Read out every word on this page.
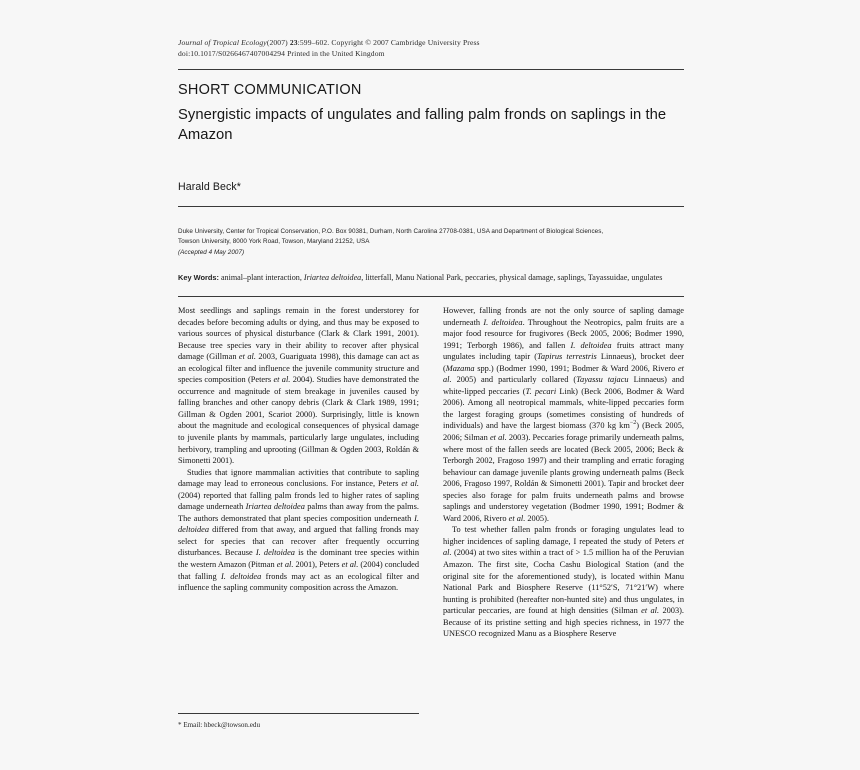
Journal of Tropical Ecology(2007) 23:599–602. Copyright © 2007 Cambridge University Press
doi:10.1017/S0266467407004294 Printed in the United Kingdom
SHORT COMMUNICATION
Synergistic impacts of ungulates and falling palm fronds on saplings in the Amazon
Harald Beck*
Duke University, Center for Tropical Conservation, P.O. Box 90381, Durham, North Carolina 27708-0381, USA and Department of Biological Sciences,
Towson University, 8000 York Road, Towson, Maryland 21252, USA
(Accepted 4 May 2007)
Key Words: animal–plant interaction, Iriartea deltoidea, litterfall, Manu National Park, peccaries, physical damage, saplings, Tayassuidae, ungulates

Most seedlings and saplings remain in the forest understorey for decades before becoming adults or dying, and thus may be exposed to various sources of physical disturbance (Clark & Clark 1991, 2001). Because tree species vary in their ability to recover after physical damage (Gillman et al. 2003, Guariguata 1998), this damage can act as an ecological filter and influence the juvenile community structure and species composition (Peters et al. 2004). Studies have demonstrated the occurrence and magnitude of stem breakage in juveniles caused by falling branches and other canopy debris (Clark & Clark 1989, 1991; Gillman & Ogden 2001, Scariot 2000). Surprisingly, little is known about the magnitude and ecological consequences of physical damage to juvenile plants by mammals, particularly large ungulates, including herbivory, trampling and uprooting (Gillman & Ogden 2003, Roldán & Simonetti 2001).

Studies that ignore mammalian activities that contribute to sapling damage may lead to erroneous conclusions. For instance, Peters et al. (2004) reported that falling palm fronds led to higher rates of sapling damage underneath Iriartea deltoidea palms than away from the palms. The authors demonstrated that plant species composition underneath I. deltoidea differed from that away, and argued that falling fronds may select for species that can recover after frequently occurring disturbances. Because I. deltoidea is the dominant tree species within the western Amazon (Pitman et al. 2001), Peters et al. (2004) concluded that falling I. deltoidea fronds may act as an ecological filter and influence the sapling community composition across the Amazon.

However, falling fronds are not the only source of sapling damage underneath I. deltoidea. Throughout the Neotropics, palm fruits are a major food resource for frugivores (Beck 2005, 2006; Bodmer 1990, 1991; Terborgh 1986), and fallen I. deltoidea fruits attract many ungulates including tapir (Tapirus terrestris Linnaeus), brocket deer (Mazama spp.) (Bodmer 1990, 1991; Bodmer & Ward 2006, Rivero et al. 2005) and particularly collared (Tayassu tajacu Linnaeus) and white-lipped peccaries (T. pecari Link) (Beck 2006, Bodmer & Ward 2006). Among all neotropical mammals, white-lipped peccaries form the largest foraging groups (sometimes consisting of hundreds of individuals) and have the largest biomass (370 kg $km^{-2}$) (Beck 2005, 2006; Silman et al. 2003). Peccaries forage primarily underneath palms, where most of the fallen seeds are located (Beck 2005, 2006; Beck & Terborgh 2002, Fragoso 1997) and their trampling and erratic foraging behaviour can damage juvenile plants growing underneath palms (Beck 2006, Fragoso 1997, Roldán & Simonetti 2001). Tapir and brocket deer species also forage for palm fruits underneath palms and browse saplings and understorey vegetation (Bodmer 1990, 1991; Bodmer & Ward 2006, Rivero et al. 2005).

To test whether fallen palm fronds or foraging ungulates lead to higher incidences of sapling damage, I repeated the study of Peters et al. (2004) at two sites within a tract of > 1.5 million ha of the Peruvian Amazon. The first site, Cocha Cashu Biological Station (and the original site for the aforementioned study), is located within Manu National Park and Biosphere Reserve (11°52′S, 71°21′W) where hunting is prohibited (hereafter non-hunted site) and thus ungulates, in particular peccaries, are found at high densities (Silman et al. 2003). Because of its pristine setting and high species richness, in 1977 the UNESCO recognized Manu as a Biosphere Reserve

* Email: hbeck@towson.edu
